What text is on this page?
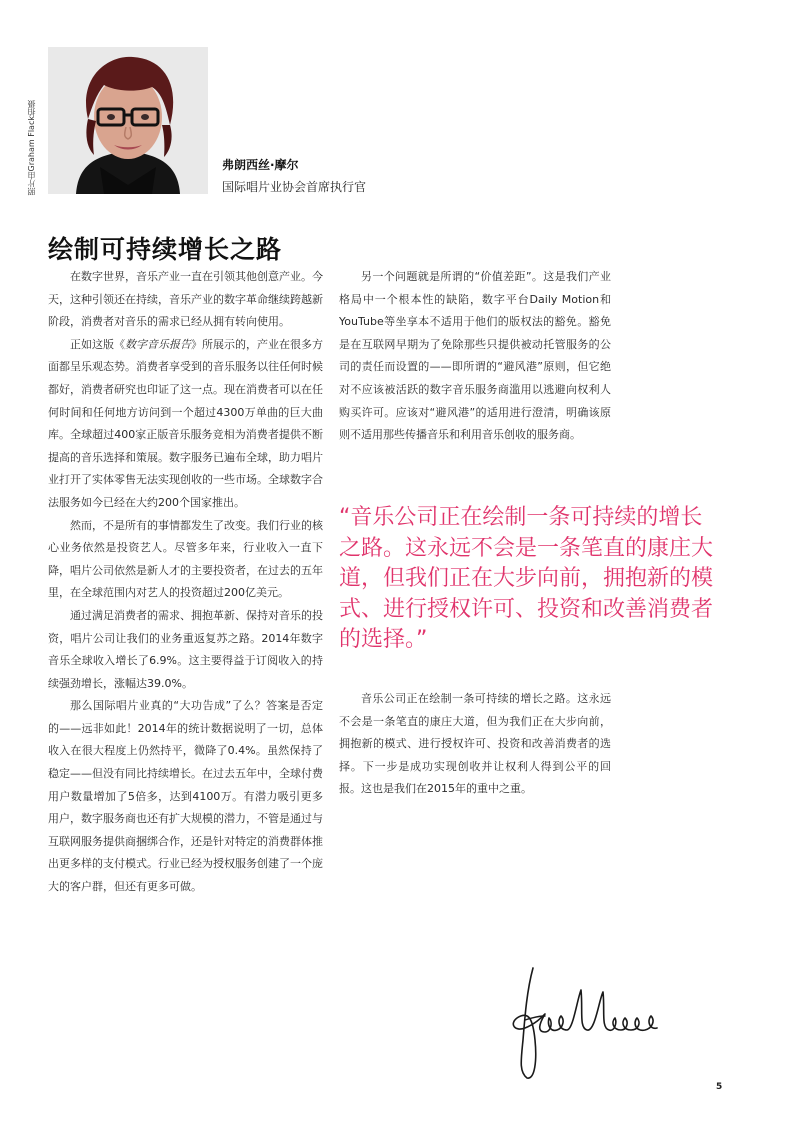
照片由Graham Flack拍摄	弗朗西丝·摩尔
国际唱片业协会首席执行官
绘制可持续增长之路

在数字世界，音乐产业一直在引领其他创意产业。今天，这种引领还在持续，音乐产业的数字革命继续跨越新阶段，消费者对音乐的需求已经从拥有转向使用。

正如这版《数字音乐报告》所展示的，产业在很多方面都呈乐观态势。消费者享受到的音乐服务以往任何时候都好，消费者研究也印证了这一点。现在消费者可以在任何时间和任何地方访问到一个超过4300万单曲的巨大曲库。全球超过400家正版音乐服务竞相为消费者提供不断提高的音乐选择和策展。数字服务已遍布全球，助力唱片业打开了实体零售无法实现创收的一些市场。全球数字合法服务如今已经在大约200个国家推出。

然而，不是所有的事情都发生了改变。我们行业的核心业务依然是投资艺人。尽管多年来，行业收入一直下降，唱片公司依然是新人才的主要投资者，在过去的五年里，在全球范围内对艺人的投资超过200亿美元。

通过满足消费者的需求、拥抱革新、保持对音乐的投资，唱片公司让我们的业务重返复苏之路。2014年数字音乐全球收入增长了6.9%。这主要得益于订阅收入的持续强劲增长，涨幅达39.0%。

那么国际唱片业真的“大功告成”了么？答案是否定的——远非如此！2014年的统计数据说明了一切，总体收入在很大程度上仍然持平，微降了0.4%。虽然保持了稳定——但没有同比持续增长。在过去五年中，全球付费用户数量增加了5倍多，达到4100万。有潜力吸引更多用户，数字服务商也还有扩大规模的潜力，不管是通过与互联网服务提供商捆绑合作，还是针对特定的消费群体推出更多样的支付模式。行业已经为授权服务创建了一个庞大的客户群，但还有更多可做。

另一个问题就是所谓的“价值差距”。这是我们产业格局中一个根本性的缺陷，数字平台Daily Motion和YouTube等坐享本不适用于他们的版权法的豁免。豁免是在互联网早期为了免除那些只提供被动托管服务的公司的责任而设置的——即所谓的“避风港”原则，但它绝对不应该被活跃的数字音乐服务商滥用以逃避向权利人购买许可。应该对“避风港”的适用进行澄清，明确该原则不适用那些传播音乐和利用音乐创收的服务商。

“音乐公司正在绘制一条可持续的增长之路。这永远不会是一条笔直的康庄大道，但我们正在大步向前，拥抱新的模式、进行授权许可、投资和改善消费者的选择。”

音乐公司正在绘制一条可持续的增长之路。这永远不会是一条笔直的康庄大道，但为我们正在大步向前，拥抱新的模式、进行授权许可、投资和改善消费者的选择。下一步是成功实现创收并让权利人得到公平的回报。这也是我们在2015年的重中之重。

5
